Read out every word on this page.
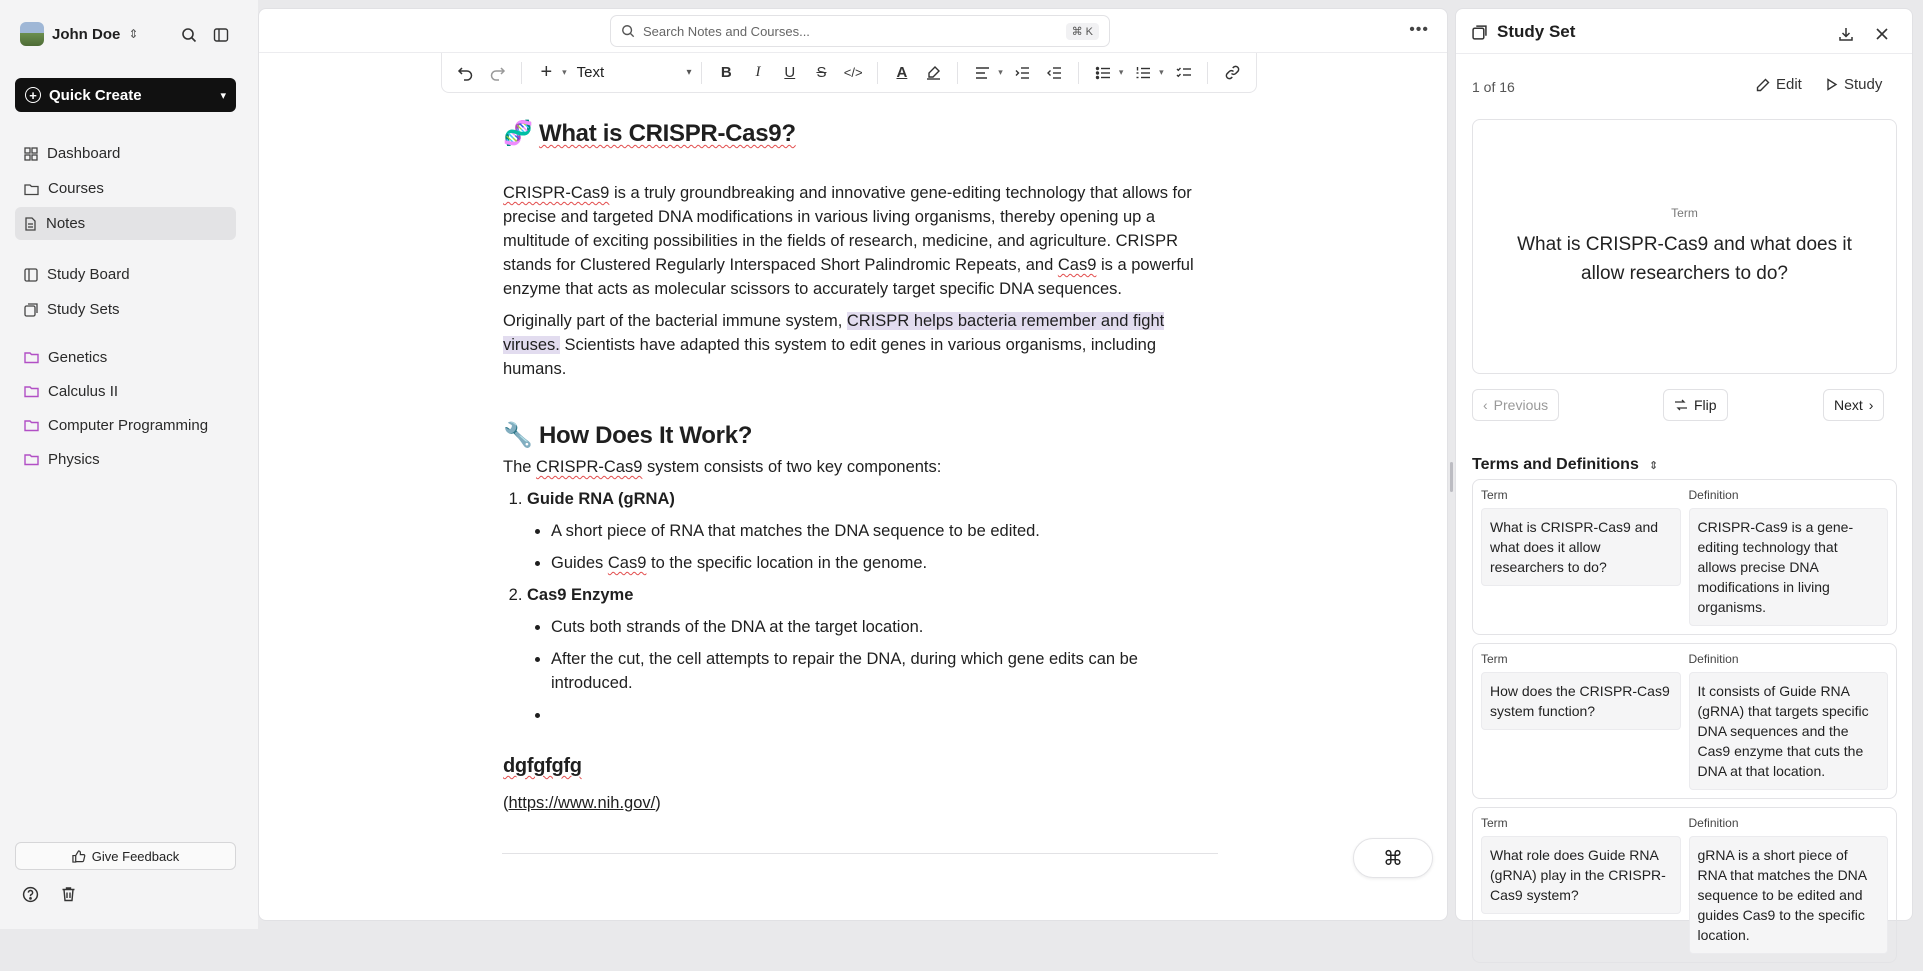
John Doe ⇕
+ Quick Create	▾
Dashboard
Courses
Notes
Study Board
Study Sets
Genetics
Calculus II
Computer Programming
Physics
Give Feedback
Search Notes and Courses...	⌘ K	•••
+	▾ Text	▾	B	I	U	S	</>	A	▾	▾	▾
🧬 What is CRISPR-Cas9?

CRISPR-Cas9 is a truly groundbreaking and innovative gene-editing technology that allows for precise and targeted DNA modifications in various living organisms, thereby opening up a multitude of exciting possibilities in the fields of research, medicine, and agriculture. CRISPR stands for Clustered Regularly Interspaced Short Palindromic Repeats, and Cas9 is a powerful enzyme that acts as molecular scissors to accurately target specific DNA sequences.

Originally part of the bacterial immune system, CRISPR helps bacteria remember and fight viruses. Scientists have adapted this system to edit genes in various organisms, including humans.

🔧 How Does It Work?

The CRISPR-Cas9 system consists of two key components:

1. Guide RNA (gRNA)
• A short piece of RNA that matches the DNA sequence to be edited.
• Guides Cas9 to the specific location in the genome.
2. Cas9 Enzyme
• Cuts both strands of the DNA at the target location.
• After the cut, the cell attempts to repair the DNA, during which gene edits can be introduced.
•
dgfgfgfg

(https://www.nih.gov/)

⌘
Study Set
1 of 16	Edit	Study
Term
What is CRISPR-Cas9 and what does it allow researchers to do?
‹ Previous	Flip	Next ›
Terms and Definitions ⇕
Term
What is CRISPR-Cas9 and what does it allow researchers to do?
Definition
CRISPR-Cas9 is a gene-editing technology that allows precise DNA modifications in living organisms.
Term
How does the CRISPR-Cas9 system function?
Definition
It consists of Guide RNA (gRNA) that targets specific DNA sequences and the Cas9 enzyme that cuts the DNA at that location.
Term
What role does Guide RNA (gRNA) play in the CRISPR-Cas9 system?
Definition
gRNA is a short piece of RNA that matches the DNA sequence to be edited and guides Cas9 to the specific location.
